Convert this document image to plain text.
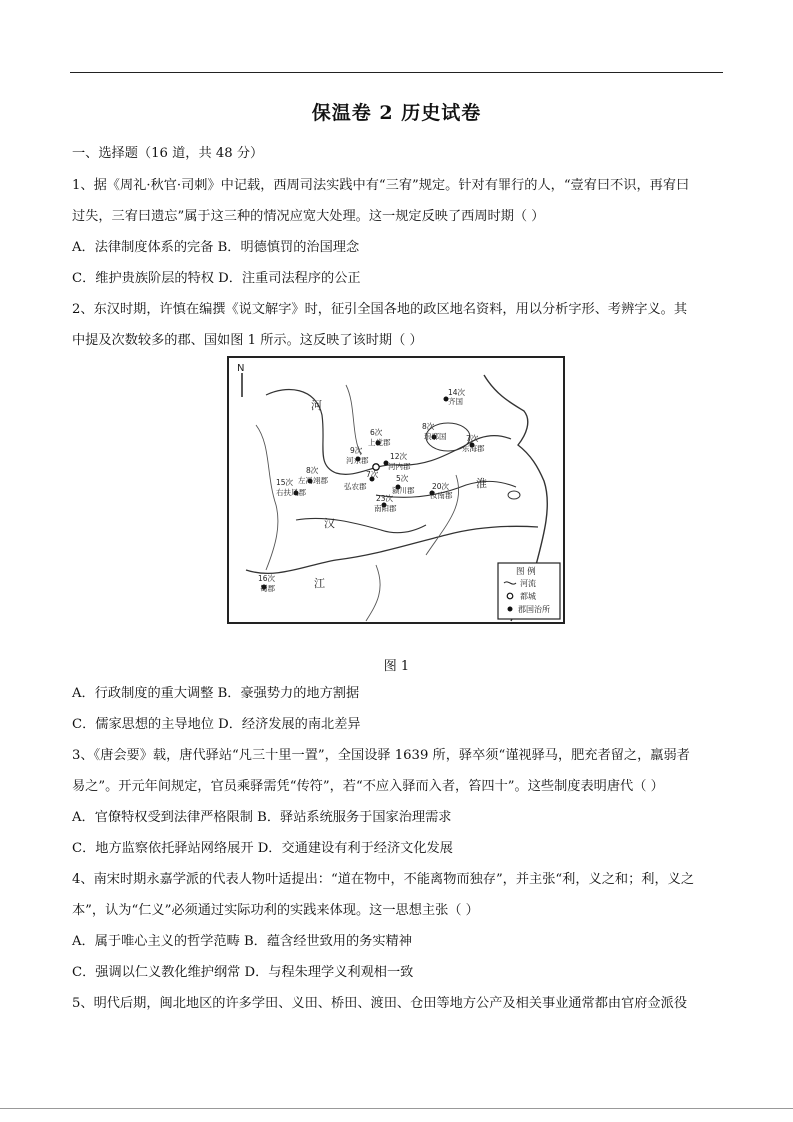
保温卷 2 历史试卷
一、选择题（16 道，共 48 分）
1、据《周礼·秋官·司刺》中记载，西周司法实践中有“三宥”规定。针对有罪行的人，“壹宥曰不识，再宥曰
过失，三宥曰遗忘”属于这三种的情况应宽大处理。这一规定反映了西周时期（ ）
A．法律制度体系的完备 B．明德慎罚的治国理念
C．维护贵族阶层的特权 D．注重司法程序的公正
2、东汉时期，许慎在编撰《说文解字》时，征引全国各地的政区地名资料，用以分析字形、考辨字义。其
中提及次数较多的郡、国如图 1 所示。这反映了该时期（ ）
N
河
淮
汉
江
14次
齐国
8次
琅邪国	7次
东海郡
6次
上党郡
9次
河东郡	12次
河内郡
8次
左冯翊郡
15次
右扶风郡
7次
弘农郡
5次
颍川郡 20次
汝南郡
23次
南阳郡
16次
蜀郡
图 例
河流
都城
郡国治所
图 1
A．行政制度的重大调整 B．豪强势力的地方割据
C．儒家思想的主导地位 D．经济发展的南北差异
3、《唐会要》载，唐代驿站“凡三十里一置”，全国设驿 1639 所，驿卒须“谨视驿马，肥充者留之，羸弱者
易之”。开元年间规定，官员乘驿需凭“传符”，若“不应入驿而入者，笞四十”。这些制度表明唐代（ ）
A．官僚特权受到法律严格限制 B．驿站系统服务于国家治理需求
C．地方监察依托驿站网络展开 D．交通建设有利于经济文化发展
4、南宋时期永嘉学派的代表人物叶适提出：“道在物中，不能离物而独存”，并主张“利，义之和；利，义之
本”，认为“仁义”必须通过实际功利的实践来体现。这一思想主张（ ）
A．属于唯心主义的哲学范畴 B．蕴含经世致用的务实精神
C．强调以仁义教化维护纲常 D．与程朱理学义利观相一致
5、明代后期，闽北地区的许多学田、义田、桥田、渡田、仓田等地方公产及相关事业通常都由官府佥派役
